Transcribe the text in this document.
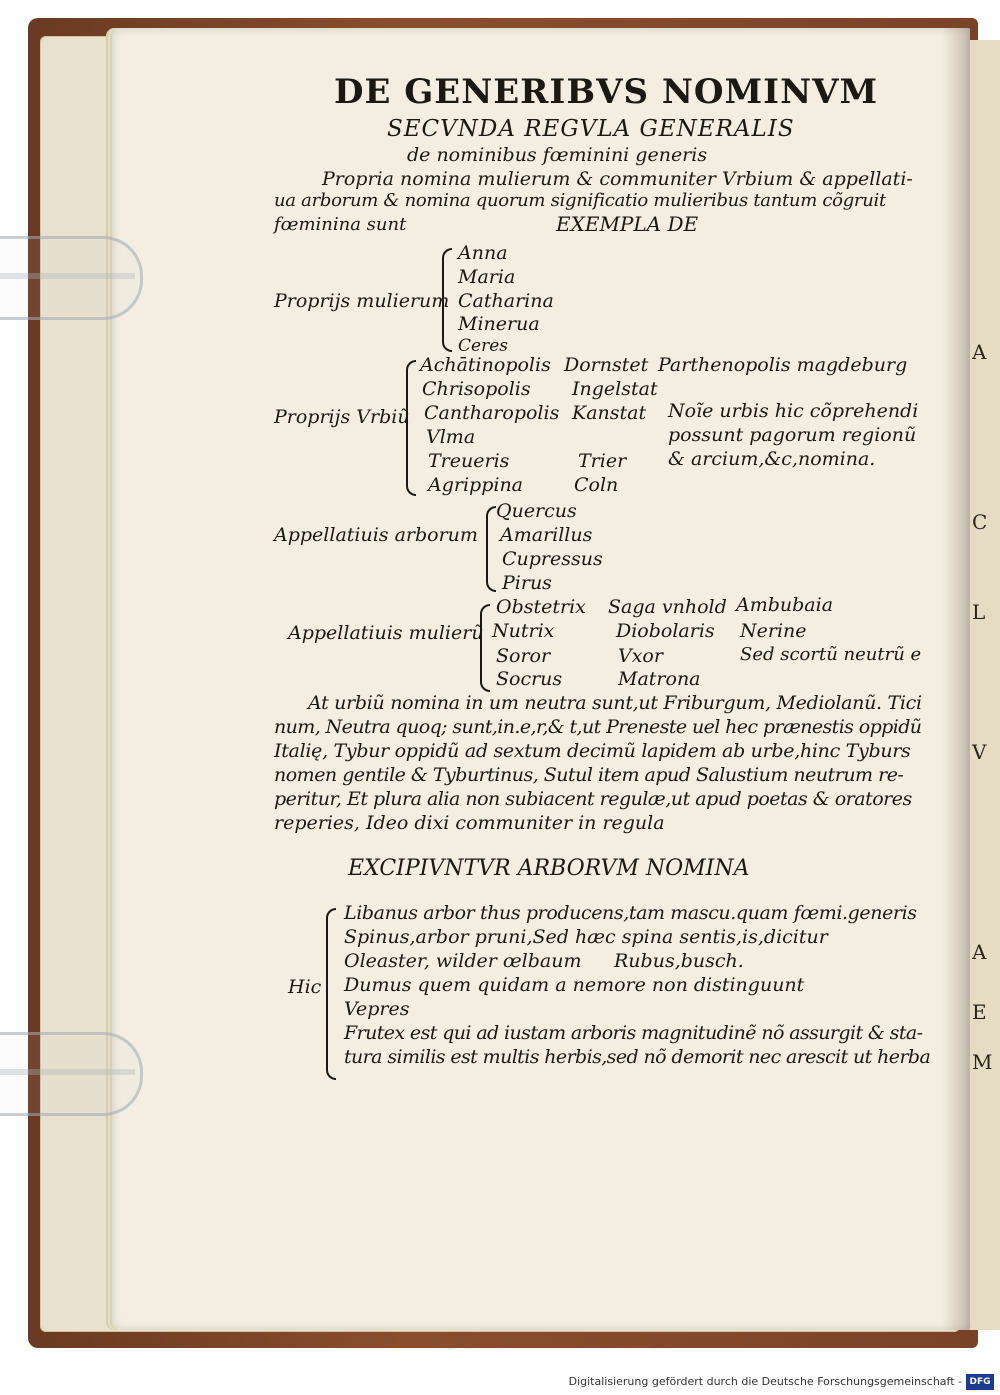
A
C
L
V
A
E
M
DE GENERIBVS NOMINVM
SECVNDA REGVLA GENERALIS
de nominibus fœminini generis
Propria nomina mulierum & communiter Vrbium & appellati-
ua arborum & nomina quorum significatio mulieribus tantum cõgruit
fœminina sunt	EXEMPLA DE
Proprijs mulierum
Anna
Maria
Catharina
Minerua
Ceres
Proprijs Vrbiũ
Achātinopolis
Chrisopolis
Cantharopolis
Vlma
Treueris
Agrippina
Dornstet
Ingelstat
Kanstat
Trier
Coln
Parthenopolis magdeburg
Noĩe urbis hic cõprehendi
possunt pagorum regionũ
& arcium,&c,nomina.
Appellatiuis arborum
Quercus
Amarillus
Cupressus
Pirus
Appellatiuis mulierũ
Obstetrix
Nutrix
Soror
Socrus
Saga vnhold
Diobolaris
Vxor
Matrona
Ambubaia
Nerine
Sed scortũ neutrũ e
At urbiũ nomina in um neutra sunt,ut Friburgum, Mediolanũ. Tici
num, Neutra quoq; sunt,in.e,r,& t,ut Preneste uel hec prænestis oppidũ
Italię, Tybur oppidũ ad sextum decimũ lapidem ab urbe,hinc Tyburs
nomen gentile & Tyburtinus, Sutul item apud Salustium neutrum re-
peritur, Et plura alia non subiacent regulæ,ut apud poetas & oratores
reperies, Ideo dixi communiter in regula
EXCIPIVNTVR ARBORVM NOMINA
Hic
Libanus arbor thus producens,tam mascu.quam fœmi.generis
Spinus,arbor pruni,Sed hæc spina sentis,is,dicitur
Oleaster, wilder œlbaum Rubus,busch.
Dumus quem quidam a nemore non distinguunt
Vepres
Frutex est qui ad iustam arboris magnitudinẽ nõ assurgit & sta-
tura similis est multis herbis,sed nõ demorit nec arescit ut herba
Digitalisierung gefördert durch die Deutsche Forschungsgemeinschaft - DFG
